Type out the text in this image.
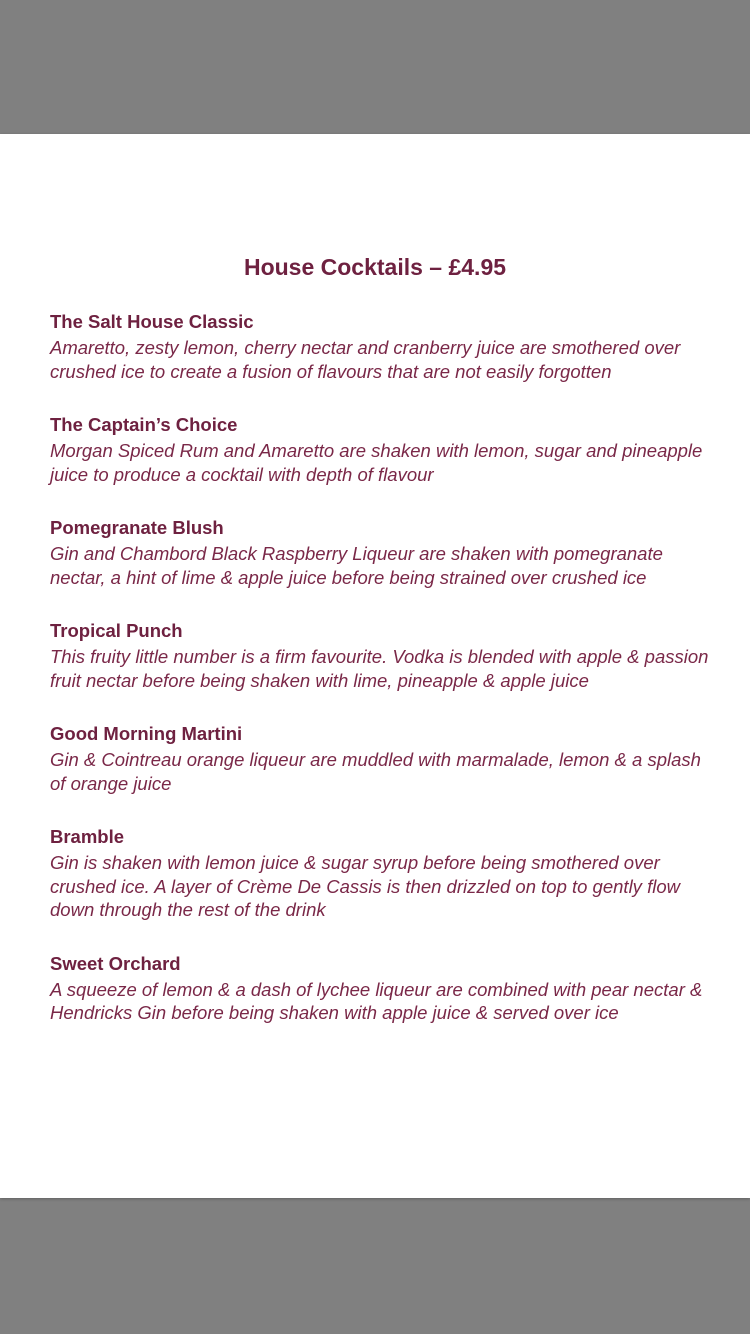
House Cocktails – £4.95
The Salt House Classic
Amaretto, zesty lemon, cherry nectar and cranberry juice are smothered over crushed ice to create a fusion of flavours that are not easily forgotten
The Captain’s Choice
Morgan Spiced Rum and Amaretto are shaken with lemon, sugar and pineapple juice to produce a cocktail with depth of flavour
Pomegranate Blush
Gin and Chambord Black Raspberry Liqueur are shaken with pomegranate nectar, a hint of lime & apple juice before being strained over crushed ice
Tropical Punch
This fruity little number is a firm favourite. Vodka is blended with apple & passion fruit nectar before being shaken with lime, pineapple & apple juice
Good Morning Martini
Gin & Cointreau orange liqueur are muddled with marmalade, lemon & a splash of orange juice
Bramble
Gin is shaken with lemon juice & sugar syrup before being smothered over crushed ice. A layer of Crème De Cassis is then drizzled on top to gently flow down through the rest of the drink
Sweet Orchard
A squeeze of lemon & a dash of lychee liqueur are combined with pear nectar & Hendricks Gin before being shaken with apple juice & served over ice
